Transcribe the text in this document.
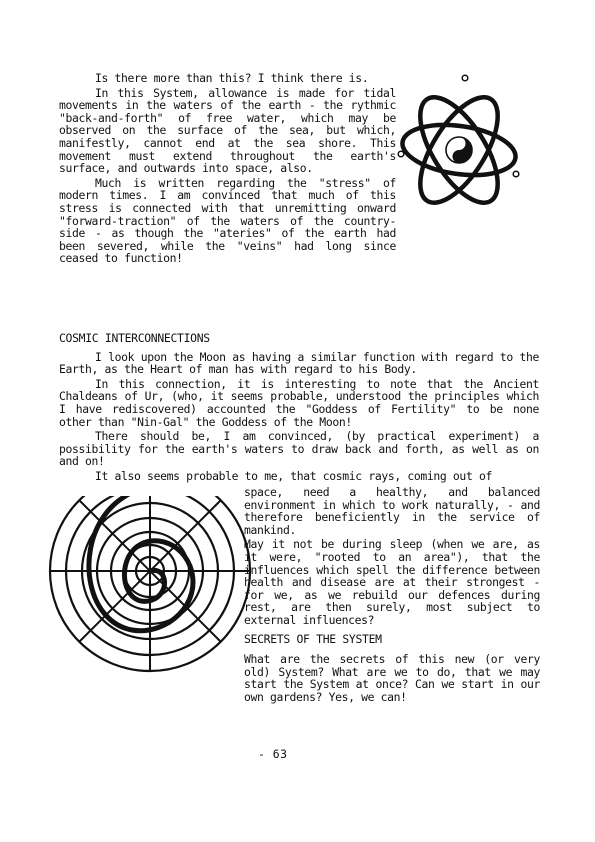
Is there more than this? I think there is.

In this System, allowance is made for tidal movements in the waters of the earth - the rythmic "back-and-forth" of free water, which may be observed on the surface of the sea, but which, manifestly, cannot end at the sea shore. This movement must extend throughout the earth's surface, and outwards into space, also.

Much is written regarding the "stress" of modern times. I am convinced that much of this stress is connected with that unremitting onward "forward-traction" of the waters of the country-side - as though the "ateries" of the earth had been severed, while the "veins" had long since ceased to function!

COSMIC INTERCONNECTIONS

I look upon the Moon as having a similar function with regard to the Earth, as the Heart of man has with regard to his Body.

In this connection, it is interesting to note that the Ancient Chaldeans of Ur, (who, it seems probable, understood the principles which I have rediscovered) accounted the "Goddess of Fertility" to be none other than "Nin-Gal" the Goddess of the Moon!

There should be, I am convinced, (by practical experiment) a possibility for the earth's waters to draw back and forth, as well as on and on!

It also seems probable to me, that cosmic rays, coming out of

space, need a healthy, and balanced environment in which to work naturally, - and therefore beneficiently in the service of mankind.

May it not be during sleep (when we are, as it were, "rooted to an area"), that the influences which spell the difference between health and disease are at their strongest - for we, as we rebuild our defences during rest, are then surely, most subject to external influences?

SECRETS OF THE SYSTEM

What are the secrets of this new (or very old) System? What are we to do, that we may start the System at once? Can we start in our own gardens? Yes, we can!

- 63
